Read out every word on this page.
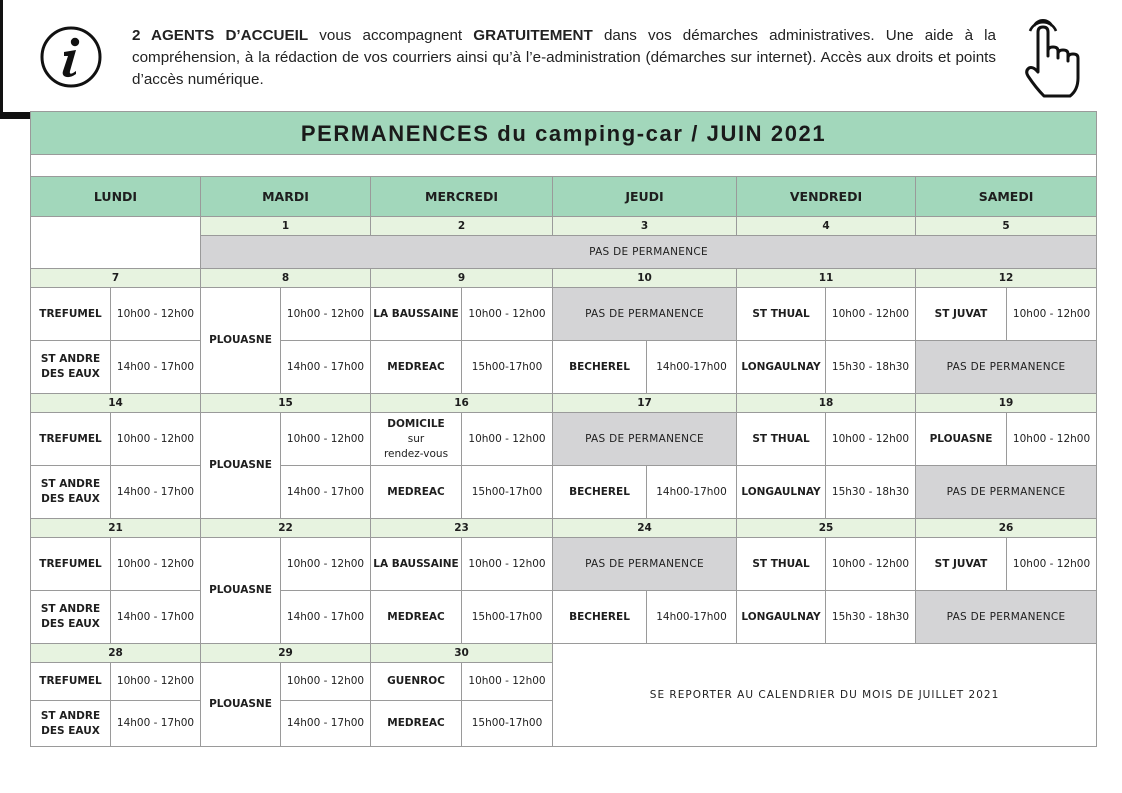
2 AGENTS D’ACCUEIL vous accompagnent GRATUITEMENT dans vos démarches administratives. Une aide à la compréhension, à la rédaction de vos courriers ainsi qu’à l’e-administration (démarches sur internet). Accès aux droits et points d’accès numérique.
PERMANENCES du camping-car / JUIN 2021											

LUNDI		MARDI		MERCREDI		JEUDI		VENDREDI		SAMEDI	
		1		2		3		4		5	
		PAS DE PERMANENCE									
7		8		9		10		11		12	
TREFUMEL	10h00 - 12h00	PLOUASNE	10h00 - 12h00	LA BAUSSAINE	10h00 - 12h00	PAS DE PERMANENCE		ST THUAL	10h00 - 12h00	ST JUVAT	10h00 - 12h00
ST ANDRE DES EAUX	14h00 - 17h00		14h00 - 17h00	MEDREAC	15h00-17h00	BECHEREL	14h00-17h00	LONGAULNAY	15h30 - 18h30	PAS DE PERMANENCE	
14		15		16		17		18		19	
TREFUMEL	10h00 - 12h00	PLOUASNE	10h00 - 12h00	DOMICILE
sur
rendez-vous	10h00 - 12h00	PAS DE PERMANENCE		ST THUAL	10h00 - 12h00	PLOUASNE	10h00 - 12h00
ST ANDRE DES EAUX	14h00 - 17h00		14h00 - 17h00	MEDREAC	15h00-17h00	BECHEREL	14h00-17h00	LONGAULNAY	15h30 - 18h30	PAS DE PERMANENCE	
21		22		23		24		25		26	
TREFUMEL	10h00 - 12h00	PLOUASNE	10h00 - 12h00	LA BAUSSAINE	10h00 - 12h00	PAS DE PERMANENCE		ST THUAL	10h00 - 12h00	ST JUVAT	10h00 - 12h00
ST ANDRE DES EAUX	14h00 - 17h00		14h00 - 17h00	MEDREAC	15h00-17h00	BECHEREL	14h00-17h00	LONGAULNAY	15h30 - 18h30	PAS DE PERMANENCE	
28		29		30		SE REPORTER AU CALENDRIER DU MOIS DE JUILLET 2021					
TREFUMEL	10h00 - 12h00	PLOUASNE	10h00 - 12h00	GUENROC	10h00 - 12h00						
ST ANDRE DES EAUX	14h00 - 17h00		14h00 - 17h00	MEDREAC	15h00-17h00						
